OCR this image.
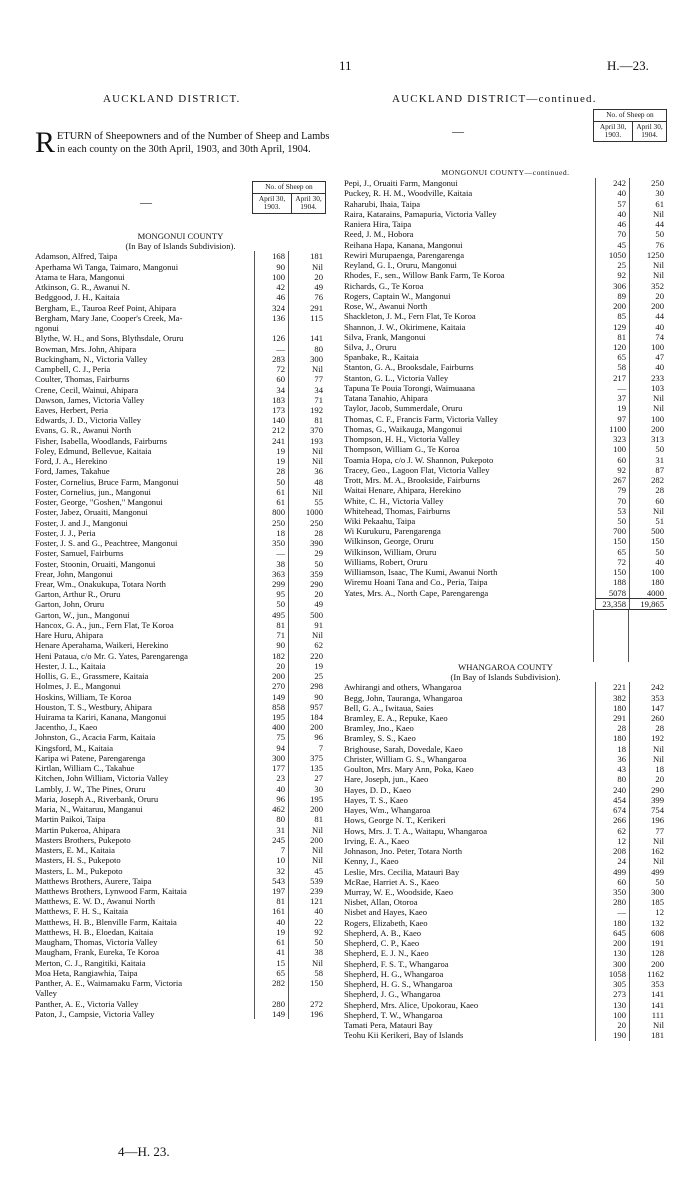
11	H.—23.
AUCKLAND DISTRICT.	AUCKLAND DISTRICT—continued.
RETURN of Sheepowners and of the Number of Sheep and Lambs in each county on the 30th April, 1903, and 30th April, 1904.
—
No. of Sheep on
April 30, 1903.	April 30, 1904.
MONGONUI COUNTY
(In Bay of Islands Subdivision).
Adamson, Alfred, Taipa	168	181
Aperhama Wi Tanga, Taimaro, Mangonui	90	Nil
Atama te Hara, Mangonui	100	20
Atkinson, G. R., Awanui N.	42	49
Bedggood, J. H., Kaitaia	46	76
Bergham, E., Tauroa Reef Point, Ahipara	324	291
Bergham, Mary Jane, Cooper's Creek, Ma-	136	115
ngonui
Blythe, W. H., and Sons, Blythsdale, Oruru	126	141
Bowman, Mrs. John, Ahipara	—	80
Buckingham, N., Victoria Valley	283	300
Campbell, C. J., Peria	72	Nil
Coulter, Thomas, Fairburns	60	77
Crene, Cecil, Wainui, Ahipara	34	34
Dawson, James, Victoria Valley	183	71
Eaves, Herbert, Peria	173	192
Edwards, J. D., Victoria Valley	140	81
Evans, G. R., Awanui North	212	370
Fisher, Isabella, Woodlands, Fairburns	241	193
Foley, Edmund, Bellevue, Kaitaia	19	Nil
Ford, J. A., Herekino	19	Nil
Ford, James, Takahue	28	36
Foster, Cornelius, Bruce Farm, Mangonui	50	48
Foster, Cornelius, jun., Mangonui	61	Nil
Foster, George, "Goshen," Mangonui	61	55
Foster, Jabez, Oruaiti, Mangonui	800	1000
Foster, J. and J., Mangonui	250	250
Foster, J. J., Peria	18	28
Foster, J. S. and G., Peachtree, Mangonui	350	390
Foster, Samuel, Fairburns	—	29
Foster, Stoonin, Oruaiti, Mangonui	38	50
Frear, John, Mangonui	363	359
Frear, Wm., Onakukupa, Totara North	299	290
Garton, Arthur R., Oruru	95	20
Garton, John, Oruru	50	49
Garton, W., jun., Mangonui	495	500
Hancox, G. A., jun., Fern Flat, Te Koroa	81	91
Hare Huru, Ahipara	71	Nil
Henare Aperahama, Waikeri, Herekino	90	62
Heni Pataua, c/o Mr. G. Yates, Parengarenga	182	220
Hester, J. L., Kaitaia	20	19
Hollis, G. E., Grassmere, Kaitaia	200	25
Holmes, J. E., Mangonui	270	298
Hoskins, William, Te Koroa	149	90
Houston, T. S., Westbury, Ahipara	858	957
Huirama ta Kariri, Kanana, Mangonui	195	184
Jacentho, J., Kaeo	400	200
Johnston, G., Acacia Farm, Kaitaia	75	96
Kingsford, M., Kaitaia	94	7
Karipa wi Patene, Parengarenga	300	375
Kirtlan, William C., Takahue	177	135
Kitchen, John William, Victoria Valley	23	27
Lambly, J. W., The Pines, Oruru	40	30
Maria, Joseph A., Riverbank, Oruru	96	195
Maria, N., Waitaruu, Manganui	462	200
Martin Paikoi, Taipa	80	81
Martin Pukeroa, Ahipara	31	Nil
Masters Brothers, Pukepoto	245	200
Masters, E. M., Kaitaia	7	Nil
Masters, H. S., Pukepoto	10	Nil
Masters, L. M., Pukepoto	32	45
Matthews Brothers, Aurere, Taipa	543	539
Matthews Brothers, Lynwood Farm, Kaitaia	197	239
Matthews, E. W. D., Awanui North	81	121
Matthews, F. H. S., Kaitaia	161	40
Matthews, H. B., Blenville Farm, Kaitaia	40	22
Matthews, H. B., Eloedan, Kaitaia	19	92
Maugham, Thomas, Victoria Valley	61	50
Maugham, Frank, Eureka, Te Koroa	41	38
Merton, C. J., Rangitiki, Kaitaia	15	Nil
Moa Heta, Rangiawhia, Taipa	65	58
Panther, A. E., Waimamaku Farm, Victoria	282	150
Valley
Panther, A. E., Victoria Valley	280	272
Paton, J., Campsie, Victoria Valley	149	196
—
No. of Sheep on
April 30, 1903.	April 30, 1904.
MONGONUI COUNTY—continued.
Pepi, J., Oruaiti Farm, Mangonui	242	250
Puckey, R. H. M., Woodville, Kaitaia	40	30
Raharubi, Ihaia, Taipa	57	61
Raira, Katarains, Pamapuria, Victoria Valley	40	Nil
Raniera Hira, Taipa	46	44
Reed, J. M., Hobora	70	50
Reihana Hapa, Kanana, Mangonui	45	76
Rewiri Murupaenga, Parengarenga	1050	1250
Reyland, G. I., Oruru, Mangonui	25	Nil
Rhodes, F., sen., Willow Bank Farm, Te Koroa	92	Nil
Richards, G., Te Koroa	306	352
Rogers, Captain W., Mangonui	89	20
Rose, W., Awanui North	200	200
Shackleton, J. M., Fern Flat, Te Koroa	85	44
Shannon, J. W., Okirimene, Kaitaia	129	40
Silva, Frank, Mangonui	81	74
Silva, J., Oruru	120	100
Spanbake, R., Kaitaia	65	47
Stanton, G. A., Brooksdale, Fairburns	58	40
Stanton, G. L., Victoria Valley	217	233
Tapuna Te Pouia Torongi, Waimuaana	—	103
Tatana Tanahio, Ahipara	37	Nil
Taylor, Jacob, Summerdale, Oruru	19	Nil
Thomas, C. F., Francis Farm, Victoria Valley	97	100
Thomas, G., Waikauga, Mangonui	1100	200
Thompson, H. H., Victoria Valley	323	313
Thompson, William G., Te Koroa	100	50
Toamia Hopa, c/o J. W. Shannon, Pukepoto	60	31
Tracey, Geo., Lagoon Flat, Victoria Valley	92	87
Trott, Mrs. M. A., Brookside, Fairburns	267	282
Waitai Henare, Ahipara, Herekino	79	28
White, C. H., Victoria Valley	70	60
Whitehead, Thomas, Fairburns	53	Nil
Wiki Pekaahu, Taipa	50	51
Wi Kurukuru, Parengarenga	700	500
Wilkinson, George, Oruru	150	150
Wilkinson, William, Oruru	65	50
Williams, Robert, Oruru	72	40
Williamson, Isaac, The Kumi, Awanui North	150	100
Wiremu Hoani Tana and Co., Peria, Taipa	188	180
Yates, Mrs. A., North Cape, Parengarenga	5078	4000
23,358	19,865
WHANGAROA COUNTY
(In Bay of Islands Subdivision).
Awhirangi and others, Whangaroa	221	242
Begg, John, Tauranga, Whangaroa	382	353
Bell, G. A., Iwitaua, Saies	180	147
Bramley, E. A., Repuke, Kaeo	291	260
Bramley, Jno., Kaeo	28	28
Bramley, S. S., Kaeo	180	192
Brighouse, Sarah, Dovedale, Kaeo	18	Nil
Christer, William G. S., Whangaroa	36	Nil
Goulton, Mrs. Mary Ann, Poka, Kaeo	43	18
Hare, Joseph, jun., Kaeo	80	20
Hayes, D. D., Kaeo	240	290
Hayes, T. S., Kaeo	454	399
Hayes, Wm., Whangaroa	674	754
Hows, George N. T., Kerikeri	266	196
Hows, Mrs. J. T. A., Waitapu, Whangaroa	62	77
Irving, E. A., Kaeo	12	Nil
Johnason, Jno. Peter, Totara North	208	162
Kenny, J., Kaeo	24	Nil
Leslie, Mrs. Cecilia, Matauri Bay	499	499
McRae, Harriet A. S., Kaeo	60	50
Murray, W. E., Woodside, Kaeo	350	300
Nisbet, Allan, Otoroa	280	185
Nisbet and Hayes, Kaeo	—	12
Rogers, Elizabeth, Kaeo	180	132
Shepherd, A. B., Kaeo	645	608
Shepherd, C. P., Kaeo	200	191
Shepherd, E. J. N., Kaeo	130	128
Shepherd, F. S. T., Whangaroa	300	200
Shepherd, H. G., Whangaroa	1058	1162
Shepherd, H. G. S., Whangaroa	305	353
Shepherd, J. G., Whangaroa	273	141
Shepherd, Mrs. Alice, Upokorau, Kaeo	130	141
Shepherd, T. W., Whangaroa	100	111
Tamati Pera, Matauri Bay	20	Nil
Teohu Kii Kerikeri, Bay of Islands	190	181
4—H. 23.
